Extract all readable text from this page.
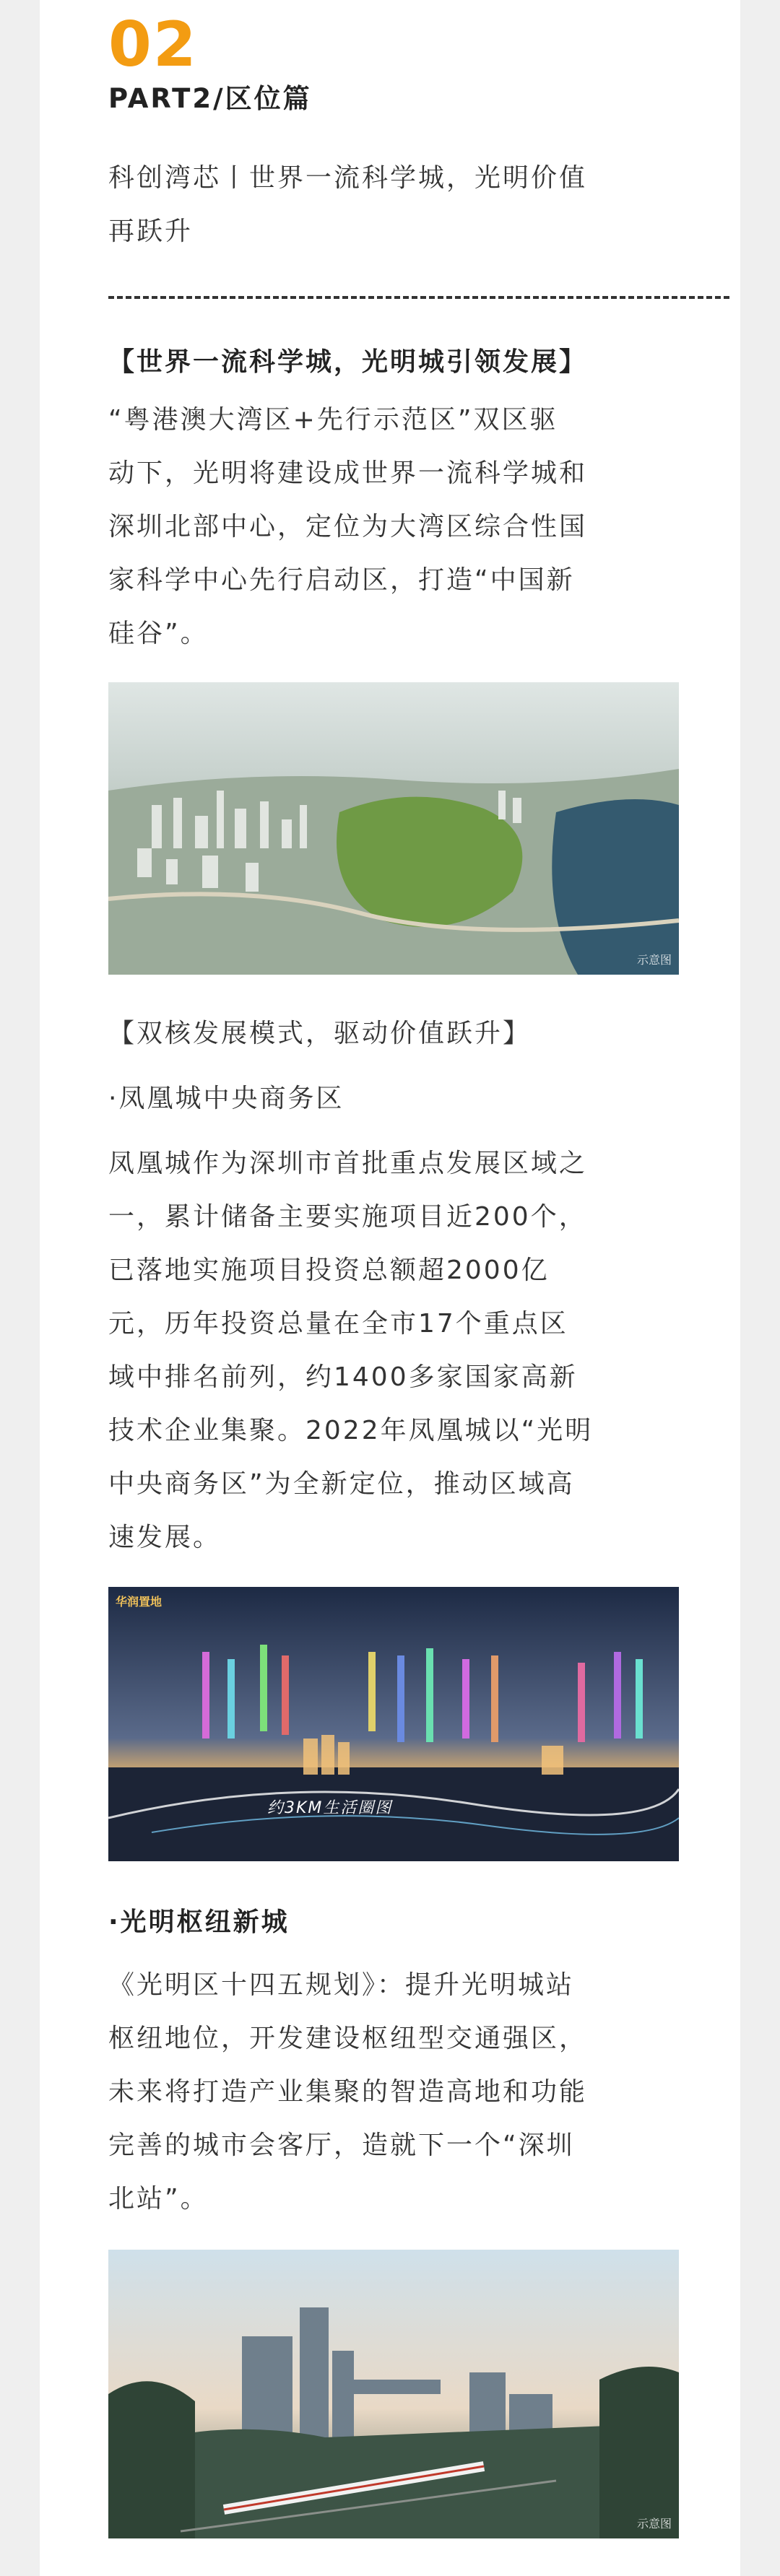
02
PART2/区位篇
科创湾芯丨世界一流科学城，光明价值
再跃升
【世界一流科学城，光明城引领发展】
“粤港澳大湾区+先行示范区”双区驱
动下，光明将建设成世界一流科学城和
深圳北部中心，定位为大湾区综合性国
家科学中心先行启动区，打造“中国新
硅谷”。
示意图
【双核发展模式，驱动价值跃升】
·凤凰城中央商务区
凤凰城作为深圳市首批重点发展区域之
一，累计储备主要实施项目近200个，
已落地实施项目投资总额超2000亿
元，历年投资总量在全市17个重点区
域中排名前列，约1400多家国家高新
技术企业集聚。2022年凤凰城以“光明
中央商务区”为全新定位，推动区域高
速发展。
华润置地
约3KM生活圈图
·光明枢纽新城
《光明区十四五规划》：提升光明城站
枢纽地位，开发建设枢纽型交通强区，
未来将打造产业集聚的智造高地和功能
完善的城市会客厅，造就下一个“深圳
北站”。
示意图
